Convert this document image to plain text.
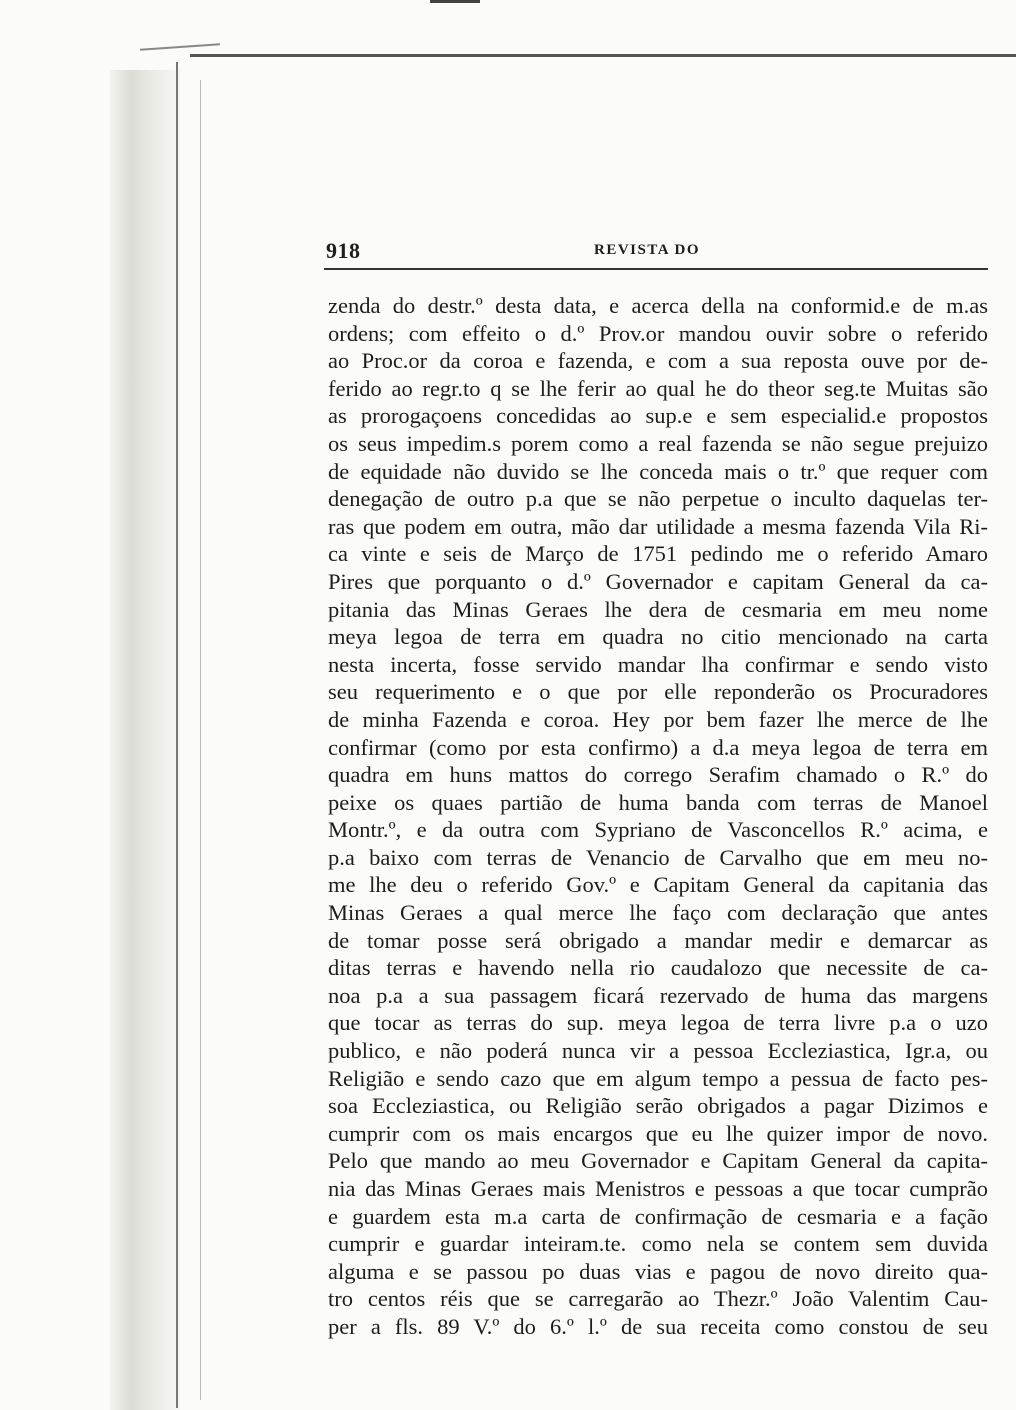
918	REVISTA DO
zenda do destr.º desta data, e acerca della na conformid.e de m.as
ordens; com effeito o d.º Prov.or mandou ouvir sobre o referido
ao Proc.or da coroa e fazenda, e com a sua reposta ouve por de-
ferido ao regr.to q se lhe ferir ao qual he do theor seg.te Muitas são
as prorogaçoens concedidas ao sup.e e sem especialid.e propostos
os seus impedim.s porem como a real fazenda se não segue prejuizo
de equidade não duvido se lhe conceda mais o tr.º que requer com
denegação de outro p.a que se não perpetue o inculto daquelas ter-
ras que podem em outra, mão dar utilidade a mesma fazenda Vila Ri-
ca vinte e seis de Março de 1751 pedindo me o referido Amaro
Pires que porquanto o d.º Governador e capitam General da ca-
pitania das Minas Geraes lhe dera de cesmaria em meu nome
meya legoa de terra em quadra no citio mencionado na carta
nesta incerta, fosse servido mandar lha confirmar e sendo visto
seu requerimento e o que por elle reponderão os Procuradores
de minha Fazenda e coroa. Hey por bem fazer lhe merce de lhe
confirmar (como por esta confirmo) a d.a meya legoa de terra em
quadra em huns mattos do corrego Serafim chamado o R.º do
peixe os quaes partião de huma banda com terras de Manoel
Montr.º, e da outra com Sypriano de Vasconcellos R.º acima, e
p.a baixo com terras de Venancio de Carvalho que em meu no-
me lhe deu o referido Gov.º e Capitam General da capitania das
Minas Geraes a qual merce lhe faço com declaração que antes
de tomar posse será obrigado a mandar medir e demarcar as
ditas terras e havendo nella rio caudalozo que necessite de ca-
noa p.a a sua passagem ficará rezervado de huma das margens
que tocar as terras do sup. meya legoa de terra livre p.a o uzo
publico, e não poderá nunca vir a pessoa Eccleziastica, Igr.a, ou
Religião e sendo cazo que em algum tempo a pessua de facto pes-
soa Eccleziastica, ou Religião serão obrigados a pagar Dizimos e
cumprir com os mais encargos que eu lhe quizer impor de novo.
Pelo que mando ao meu Governador e Capitam General da capita-
nia das Minas Geraes mais Menistros e pessoas a que tocar cumprão
e guardem esta m.a carta de confirmação de cesmaria e a fação
cumprir e guardar inteiram.te. como nela se contem sem duvida
alguma e se passou po duas vias e pagou de novo direito qua-
tro centos réis que se carregarão ao Thezr.º João Valentim Cau-
per a fls. 89 V.º do 6.º l.º de sua receita como constou de seu
